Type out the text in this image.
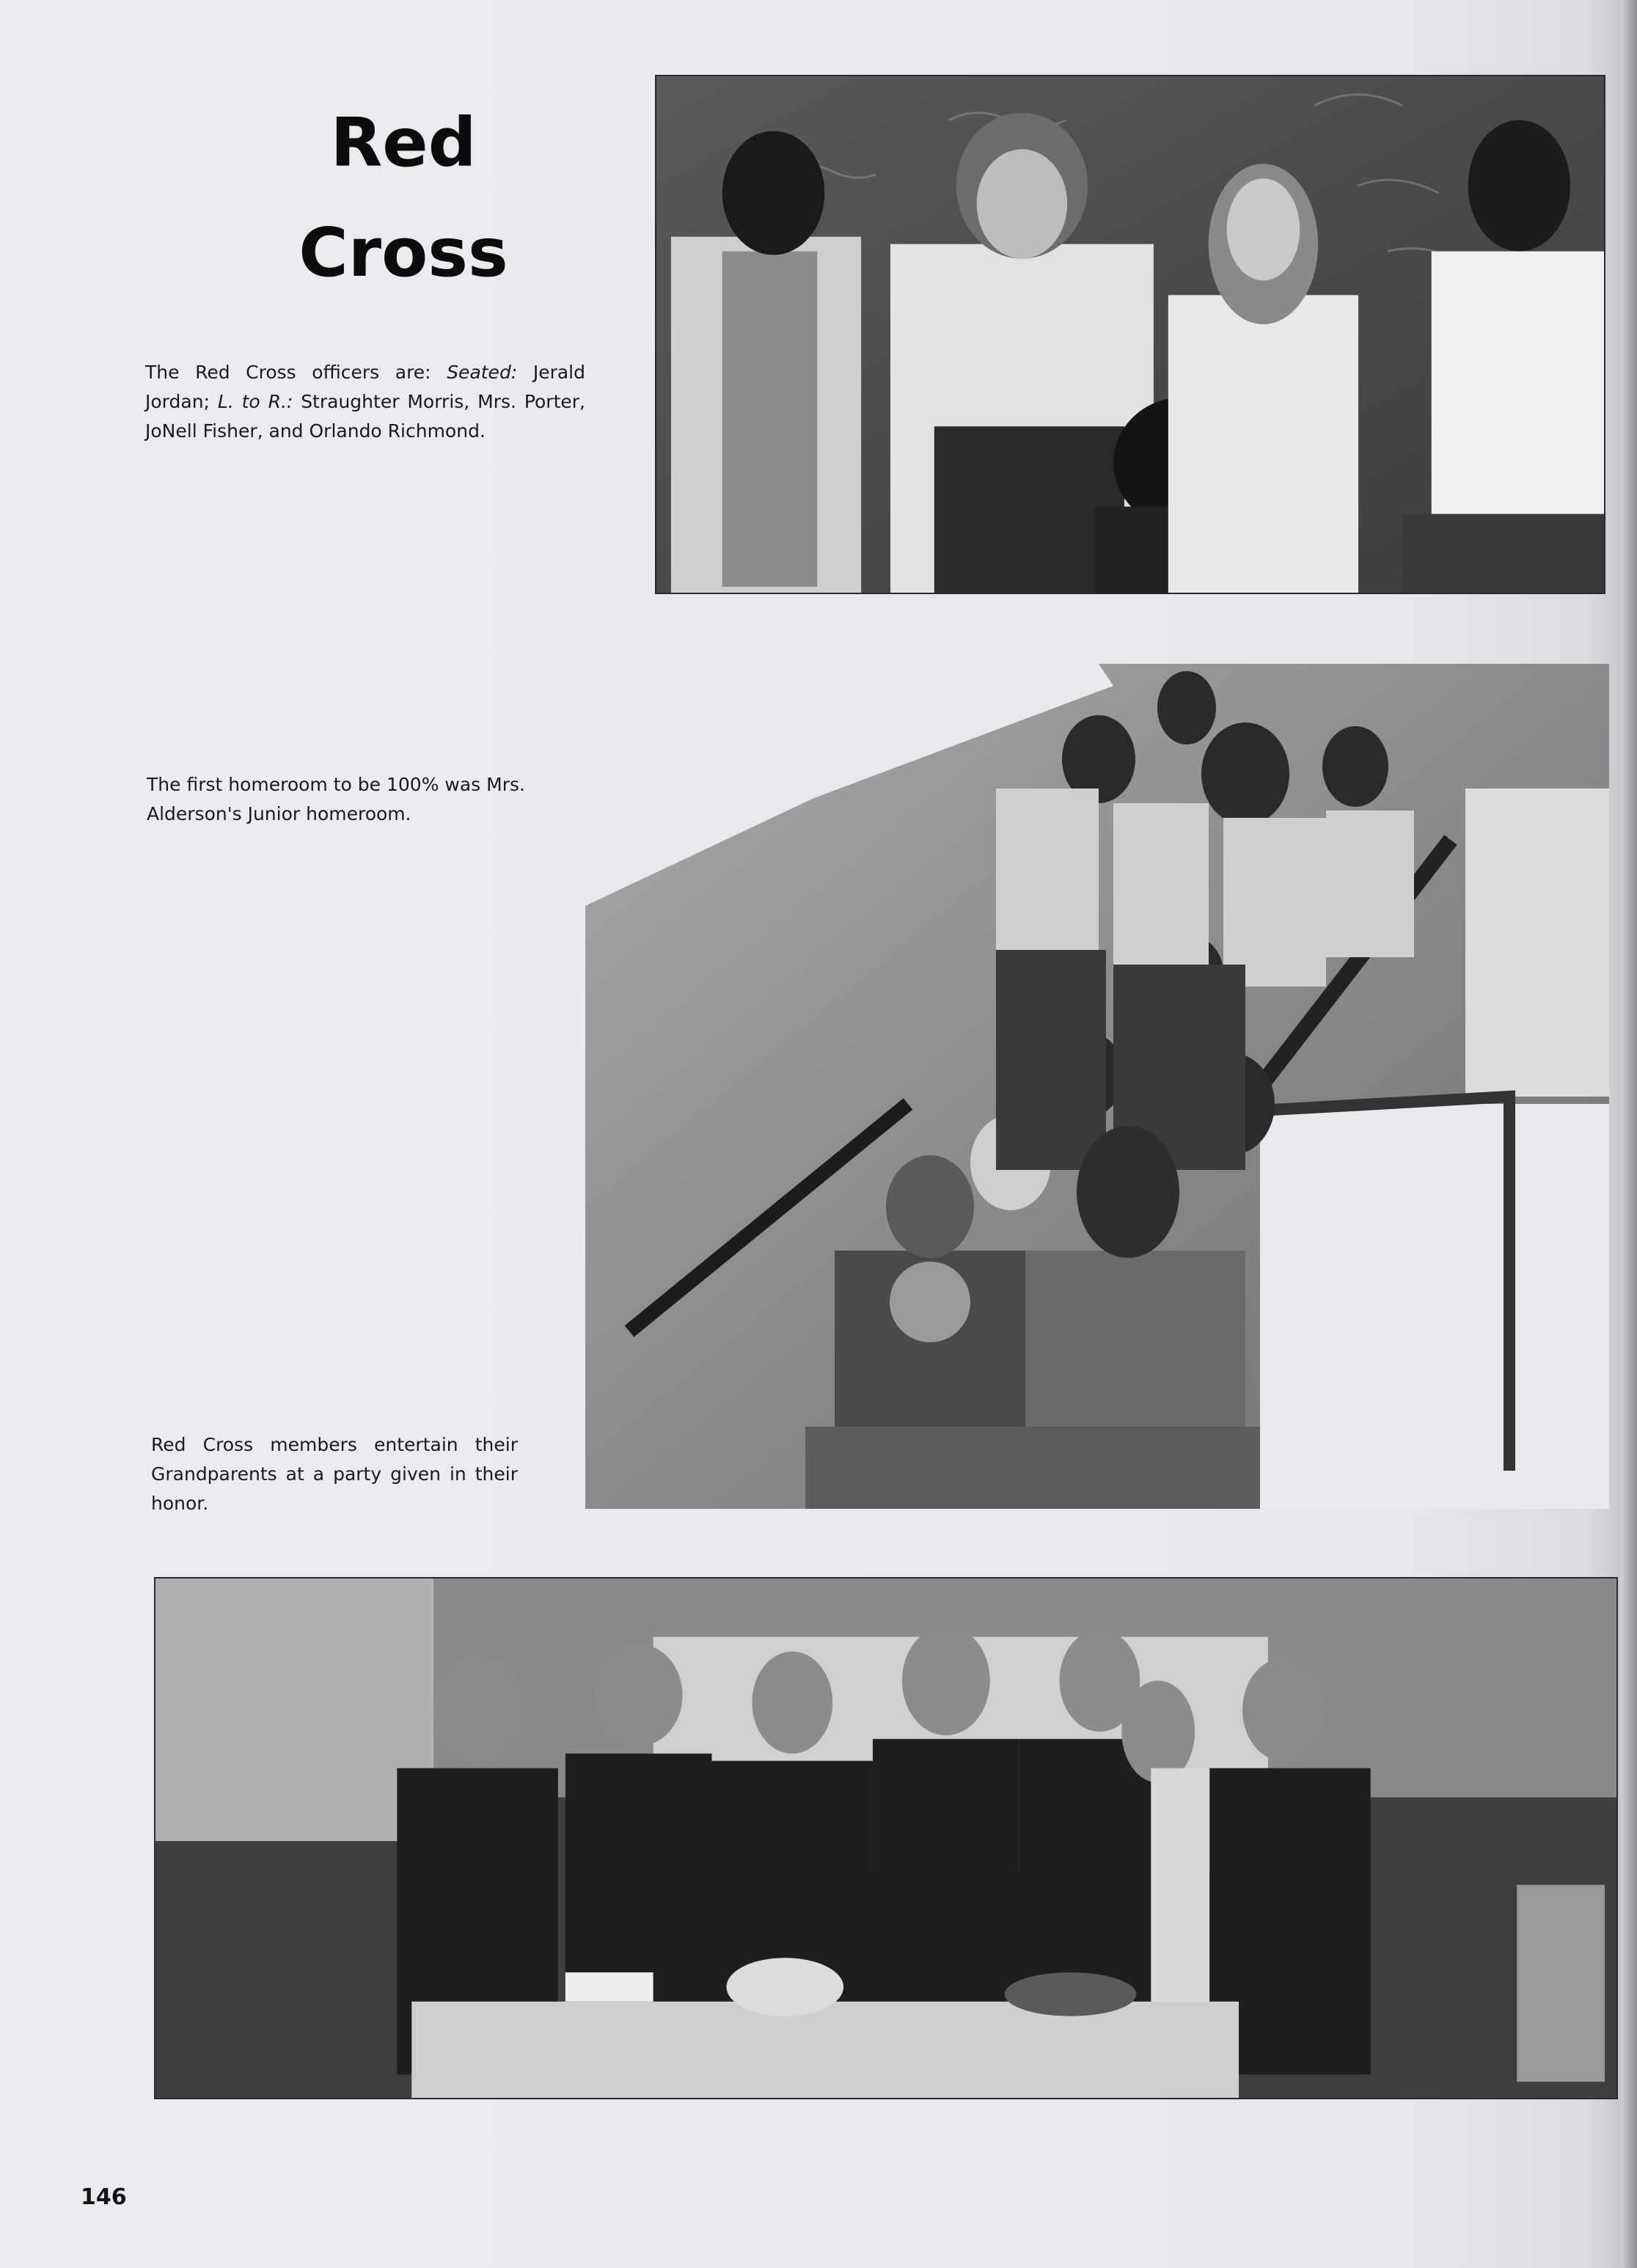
Red
Cross

The Red Cross officers are: Seated: Jerald Jordan; L. to R.: Straughter Morris, Mrs. Porter, JoNell Fisher, and Orlando Richmond.

The first homeroom to be 100% was Mrs. Alderson's Junior homeroom.

Red Cross members entertain their Grandparents at a party given in their honor.

146
